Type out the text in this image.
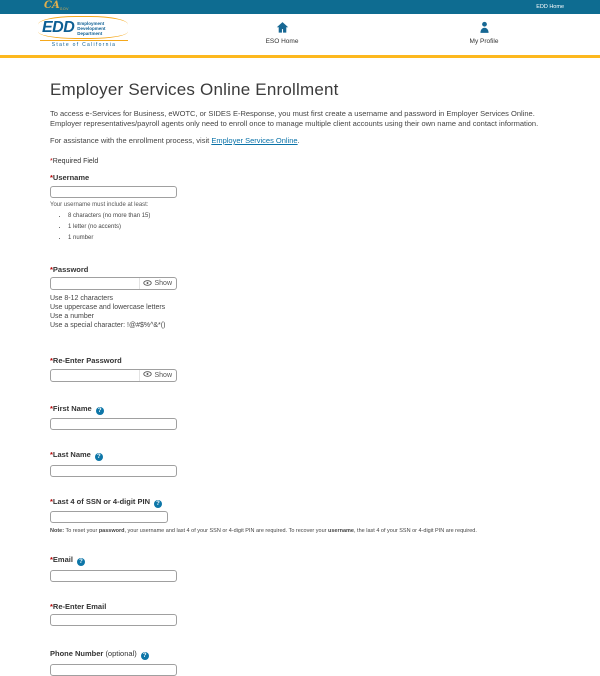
CA GOV	EDD Home
EDD Employment
Development
Department
State of California
ESO Home	My Profile
Employer Services Online Enrollment

To access e-Services for Business, eWOTC, or SIDES E-Response, you must first create a username and password in Employer Services Online. Employer representatives/payroll agents only need to enroll once to manage multiple client accounts using their own name and contact information.

For assistance with the enrollment process, visit Employer Services Online.

*Required Field

*Username

Your username must include at least:

• 8 characters (no more than 15)
• 1 letter (no accents)
• 1 number
*Password
Show
Use 8-12 characters
Use uppercase and lowercase letters
Use a number
Use a special character: !@#$%^&*()
*Re-Enter Password
Show
*First Name ?
*Last Name ?
*Last 4 of SSN or 4-digit PIN ?

Note: To reset your password, your username and last 4 of your SSN or 4-digit PIN are required. To recover your username, the last 4 of your SSN or 4-digit PIN are required.

*Email ?
*Re-Enter Email
Phone Number (optional) ?
